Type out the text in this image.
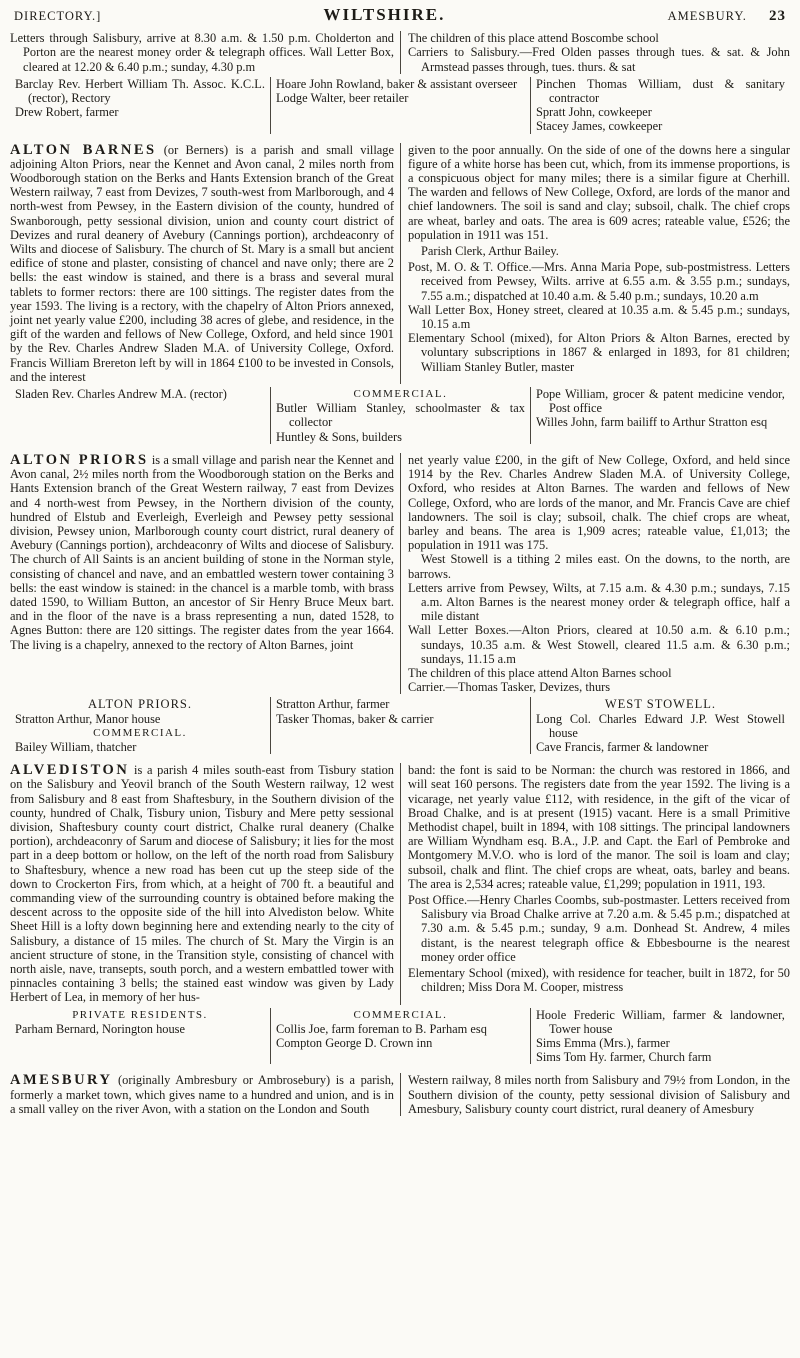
DIRECTORY.]	WILTSHIRE.	AMESBURY. 23

Letters through Salisbury, arrive at 8.30 a.m. & 1.50 p.m. Cholderton and Porton are the nearest money order & telegraph offices. Wall Letter Box, cleared at 12.20 & 6.40 p.m.; sunday, 4.30 p.m

The children of this place attend Boscombe school

Carriers to Salisbury.—Fred Olden passes through tues. & sat. & John Armstead passes through, tues. thurs. & sat

Barclay Rev. Herbert William Th. Assoc. K.C.L. (rector), Rectory

Drew Robert, farmer

Hoare John Rowland, baker & assistant overseer

Lodge Walter, beer retailer

Pinchen Thomas William, dust & sanitary contractor

Spratt John, cowkeeper

Stacey James, cowkeeper

ALTON BARNES (or Berners) is a parish and small village adjoining Alton Priors, near the Kennet and Avon canal, 2 miles north from Woodborough station on the Berks and Hants Extension branch of the Great Western railway, 7 east from Devizes, 7 south-west from Marlborough, and 4 north-west from Pewsey, in the Eastern division of the county, hundred of Swanborough, petty sessional division, union and county court district of Devizes and rural deanery of Avebury (Cannings portion), archdeaconry of Wilts and diocese of Salisbury. The church of St. Mary is a small but ancient edifice of stone and plaster, consisting of chancel and nave only; there are 2 bells: the east window is stained, and there is a brass and several mural tablets to former rectors: there are 100 sittings. The register dates from the year 1593. The living is a rectory, with the chapelry of Alton Priors annexed, joint net yearly value £200, including 38 acres of glebe, and residence, in the gift of the warden and fellows of New College, Oxford, and held since 1901 by the Rev. Charles Andrew Sladen M.A. of University College, Oxford. Francis William Brereton left by will in 1864 £100 to be invested in Consols, and the interest

given to the poor annually. On the side of one of the downs here a singular figure of a white horse has been cut, which, from its immense proportions, is a conspicuous object for many miles; there is a similar figure at Cherhill. The warden and fellows of New College, Oxford, are lords of the manor and chief landowners. The soil is sand and clay; subsoil, chalk. The chief crops are wheat, barley and oats. The area is 609 acres; rateable value, £526; the population in 1911 was 151.

Parish Clerk, Arthur Bailey.

Post, M. O. & T. Office.—Mrs. Anna Maria Pope, sub-postmistress. Letters received from Pewsey, Wilts. arrive at 6.55 a.m. & 3.55 p.m.; sundays, 7.55 a.m.; dispatched at 10.40 a.m. & 5.40 p.m.; sundays, 10.20 a.m

Wall Letter Box, Honey street, cleared at 10.35 a.m. & 5.45 p.m.; sundays, 10.15 a.m

Elementary School (mixed), for Alton Priors & Alton Barnes, erected by voluntary subscriptions in 1867 & enlarged in 1893, for 81 children; William Stanley Butler, master

Sladen Rev. Charles Andrew M.A. (rector)	COMMERCIAL.

Butler William Stanley, schoolmaster & tax collector

Huntley & Sons, builders

Pope William, grocer & patent medicine vendor, Post office

Willes John, farm bailiff to Arthur Stratton esq

ALTON PRIORS is a small village and parish near the Kennet and Avon canal, 2½ miles north from the Woodborough station on the Berks and Hants Extension branch of the Great Western railway, 7 east from Devizes and 4 north-west from Pewsey, in the Northern division of the county, hundred of Elstub and Everleigh, Everleigh and Pewsey petty sessional division, Pewsey union, Marlborough county court district, rural deanery of Avebury (Cannings portion), archdeaconry of Wilts and diocese of Salisbury. The church of All Saints is an ancient building of stone in the Norman style, consisting of chancel and nave, and an embattled western tower containing 3 bells: the east window is stained: in the chancel is a marble tomb, with brass dated 1590, to William Button, an ancestor of Sir Henry Bruce Meux bart. and in the floor of the nave is a brass representing a nun, dated 1528, to Agnes Button: there are 120 sittings. The register dates from the year 1664. The living is a chapelry, annexed to the rectory of Alton Barnes, joint

net yearly value £200, in the gift of New College, Oxford, and held since 1914 by the Rev. Charles Andrew Sladen M.A. of University College, Oxford, who resides at Alton Barnes. The warden and fellows of New College, Oxford, who are lords of the manor, and Mr. Francis Cave are chief landowners. The soil is clay; subsoil, chalk. The chief crops are wheat, barley and beans. The area is 1,909 acres; rateable value, £1,013; the population in 1911 was 175.

West Stowell is a tithing 2 miles east. On the downs, to the north, are barrows.

Letters arrive from Pewsey, Wilts, at 7.15 a.m. & 4.30 p.m.; sundays, 7.15 a.m. Alton Barnes is the nearest money order & telegraph office, half a mile distant

Wall Letter Boxes.—Alton Priors, cleared at 10.50 a.m. & 6.10 p.m.; sundays, 10.35 a.m. & West Stowell, cleared 11.5 a.m. & 6.30 p.m.; sundays, 11.15 a.m

The children of this place attend Alton Barnes school

Carrier.—Thomas Tasker, Devizes, thurs

ALTON PRIORS.

Stratton Arthur, Manor house

COMMERCIAL.

Bailey William, thatcher

Stratton Arthur, farmer

Tasker Thomas, baker & carrier

WEST STOWELL.

Long Col. Charles Edward J.P. West Stowell house

Cave Francis, farmer & landowner

ALVEDISTON is a parish 4 miles south-east from Tisbury station on the Salisbury and Yeovil branch of the South Western railway, 12 west from Salisbury and 8 east from Shaftesbury, in the Southern division of the county, hundred of Chalk, Tisbury union, Tisbury and Mere petty sessional division, Shaftesbury county court district, Chalke rural deanery (Chalke portion), archdeaconry of Sarum and diocese of Salisbury; it lies for the most part in a deep bottom or hollow, on the left of the north road from Salisbury to Shaftesbury, whence a new road has been cut up the steep side of the down to Crockerton Firs, from which, at a height of 700 ft. a beautiful and commanding view of the surrounding country is obtained before making the descent across to the opposite side of the hill into Alvediston below. White Sheet Hill is a lofty down beginning here and extending nearly to the city of Salisbury, a distance of 15 miles. The church of St. Mary the Virgin is an ancient structure of stone, in the Transition style, consisting of chancel with north aisle, nave, transepts, south porch, and a western embattled tower with pinnacles containing 3 bells; the stained east window was given by Lady Herbert of Lea, in memory of her hus-

band: the font is said to be Norman: the church was restored in 1866, and will seat 160 persons. The registers date from the year 1592. The living is a vicarage, net yearly value £112, with residence, in the gift of the vicar of Broad Chalke, and is at present (1915) vacant. Here is a small Primitive Methodist chapel, built in 1894, with 108 sittings. The principal landowners are William Wyndham esq. B.A., J.P. and Capt. the Earl of Pembroke and Montgomery M.V.O. who is lord of the manor. The soil is loam and clay; subsoil, chalk and flint. The chief crops are wheat, oats, barley and beans. The area is 2,534 acres; rateable value, £1,299; population in 1911, 193.

Post Office.—Henry Charles Coombs, sub-postmaster. Letters received from Salisbury via Broad Chalke arrive at 7.20 a.m. & 5.45 p.m.; dispatched at 7.30 a.m. & 5.45 p.m.; sunday, 9 a.m. Donhead St. Andrew, 4 miles distant, is the nearest telegraph office & Ebbesbourne is the nearest money order office

Elementary School (mixed), with residence for teacher, built in 1872, for 50 children; Miss Dora M. Cooper, mistress

PRIVATE RESIDENTS.

Parham Bernard, Norington house

COMMERCIAL.

Collis Joe, farm foreman to B. Parham esq

Compton George D. Crown inn

Hoole Frederic William, farmer & landowner, Tower house

Sims Emma (Mrs.), farmer

Sims Tom Hy. farmer, Church farm

AMESBURY (originally Ambresbury or Ambrosebury) is a parish, formerly a market town, which gives name to a hundred and union, and is in a small valley on the river Avon, with a station on the London and South

Western railway, 8 miles north from Salisbury and 79½ from London, in the Southern division of the county, petty sessional division of Salisbury and Amesbury, Salisbury county court district, rural deanery of Amesbury
